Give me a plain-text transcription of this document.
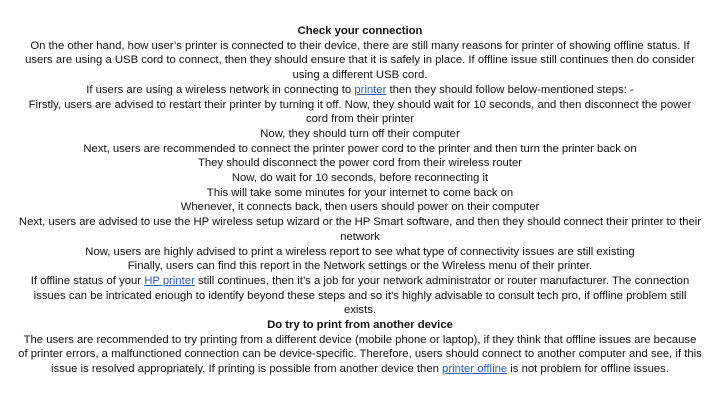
Check your connection

On the other hand, how user’s printer is connected to their device, there are still many reasons for printer of showing offline status. If users are using a USB cord to connect, then they should ensure that it is safely in place. If offline issue still continues then do consider using a different USB cord.

If users are using a wireless network in connecting to printer then they should follow below-mentioned steps: -

Firstly, users are advised to restart their printer by turning it off. Now, they should wait for 10 seconds, and then disconnect the power cord from their printer

Now, they should turn off their computer

Next, users are recommended to connect the printer power cord to the printer and then turn the printer back on

They should disconnect the power cord from their wireless router

Now, do wait for 10 seconds, before reconnecting it

This will take some minutes for your internet to come back on

Whenever, it connects back, then users should power on their computer

Next, users are advised to use the HP wireless setup wizard or the HP Smart software, and then they should connect their printer to their network

Now, users are highly advised to print a wireless report to see what type of connectivity issues are still existing

Finally, users can find this report in the Network settings or the Wireless menu of their printer.

If offline status of your HP printer still continues, then it’s a job for your network administrator or router manufacturer. The connection issues can be intricated enough to identify beyond these steps and so it’s highly advisable to consult tech pro, if offline problem still exists.

Do try to print from another device

The users are recommended to try printing from a different device (mobile phone or laptop), if they think that offline issues are because of printer errors, a malfunctioned connection can be device-specific. Therefore, users should connect to another computer and see, if this issue is resolved appropriately. If printing is possible from another device then printer offline is not problem for offline issues.
